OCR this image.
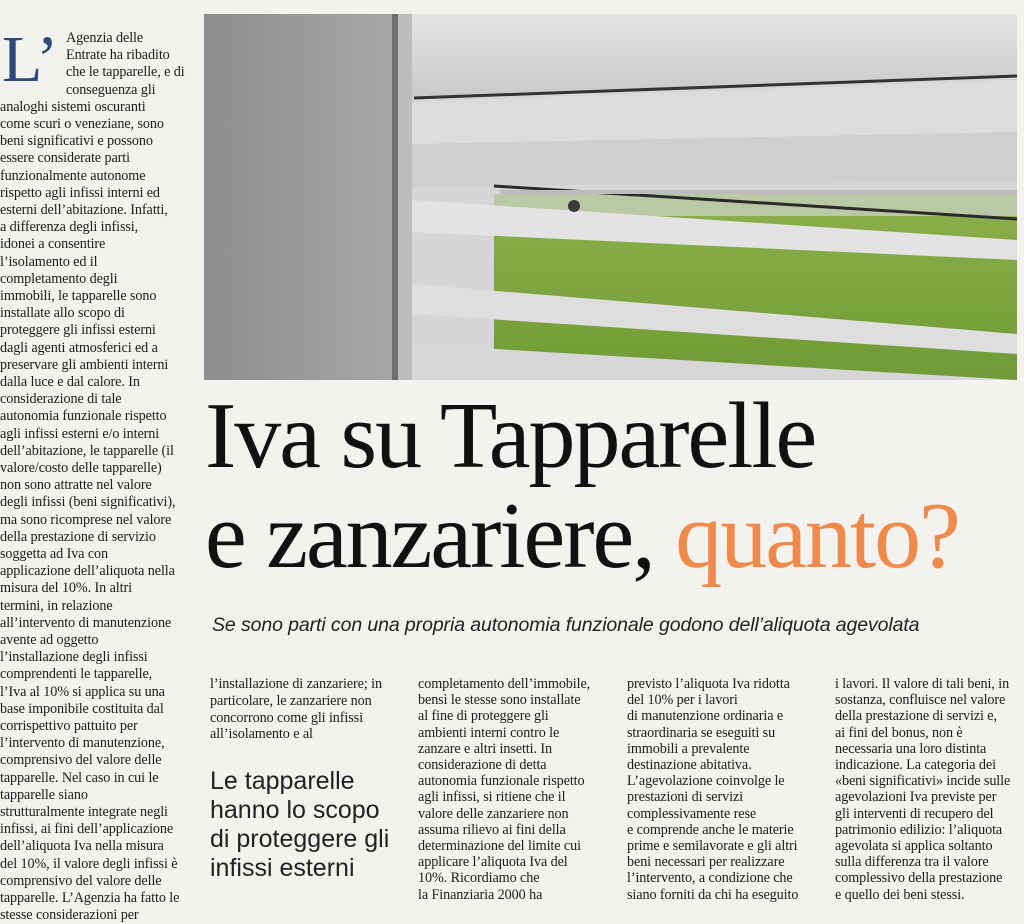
L’ Agenzia delle
Entrate ha ribadito
che le tapparelle, e di
conseguenza gli
analoghi sistemi oscuranti
come scuri o veneziane, sono
beni significativi e possono
essere considerate parti
funzionalmente autonome
rispetto agli infissi interni ed
esterni dell’abitazione. Infatti,
a differenza degli infissi,
idonei a consentire
l’isolamento ed il
completamento degli
immobili, le tapparelle sono
installate allo scopo di
proteggere gli infissi esterni
dagli agenti atmosferici ed a
preservare gli ambienti interni
dalla luce e dal calore. In
considerazione di tale
autonomia funzionale rispetto
agli infissi esterni e/o interni
dell’abitazione, le tapparelle (il
valore/costo delle tapparelle)
non sono attratte nel valore
degli infissi (beni significativi),
ma sono ricomprese nel valore
della prestazione di servizio
soggetta ad Iva con
applicazione dell’aliquota nella
misura del 10%. In altri
termini, in relazione
all’intervento di manutenzione
avente ad oggetto
l’installazione degli infissi
comprendenti le tapparelle,
l’Iva al 10% si applica su una
base imponibile costituita dal
corrispettivo pattuito per
l’intervento di manutenzione,
comprensivo del valore delle
tapparelle. Nel caso in cui le
tapparelle siano
strutturalmente integrate negli
infissi, ai fini dell’applicazione
dell’aliquota Iva nella misura
del 10%, il valore degli infissi è
comprensivo del valore delle
tapparelle. L’Agenzia ha fatto le
stesse considerazioni per
Iva su Tapparelle
e zanzariere, quanto?
Se sono parti con una propria autonomia funzionale godono dell’aliquota agevolata
l’installazione di zanzariere; in
particolare, le zanzariere non
concorrono come gli infissi
all’isolamento e al
Le tapparelle
hanno lo scopo
di proteggere gli
infissi esterni
completamento dell’immobile,
bensì le stesse sono installate
al fine di proteggere gli
ambienti interni contro le
zanzare e altri insetti. In
considerazione di detta
autonomia funzionale rispetto
agli infissi, si ritiene che il
valore delle zanzariere non
assuma rilievo ai fini della
determinazione del limite cui
applicare l’aliquota Iva del
10%. Ricordiamo che
la Finanziaria 2000 ha
previsto l’aliquota Iva ridotta
del 10% per i lavori
di manutenzione ordinaria e
straordinaria se eseguiti su
immobili a prevalente
destinazione abitativa.
L’agevolazione coinvolge le
prestazioni di servizi
complessivamente rese
e comprende anche le materie
prime e semilavorate e gli altri
beni necessari per realizzare
l’intervento, a condizione che
siano forniti da chi ha eseguito
i lavori. Il valore di tali beni, in
sostanza, confluisce nel valore
della prestazione di servizi e,
ai fini del bonus, non è
necessaria una loro distinta
indicazione. La categoria dei
«beni significativi» incide sulle
agevolazioni Iva previste per
gli interventi di recupero del
patrimonio edilizio: l’aliquota
agevolata si applica soltanto
sulla differenza tra il valore
complessivo della prestazione
e quello dei beni stessi.
